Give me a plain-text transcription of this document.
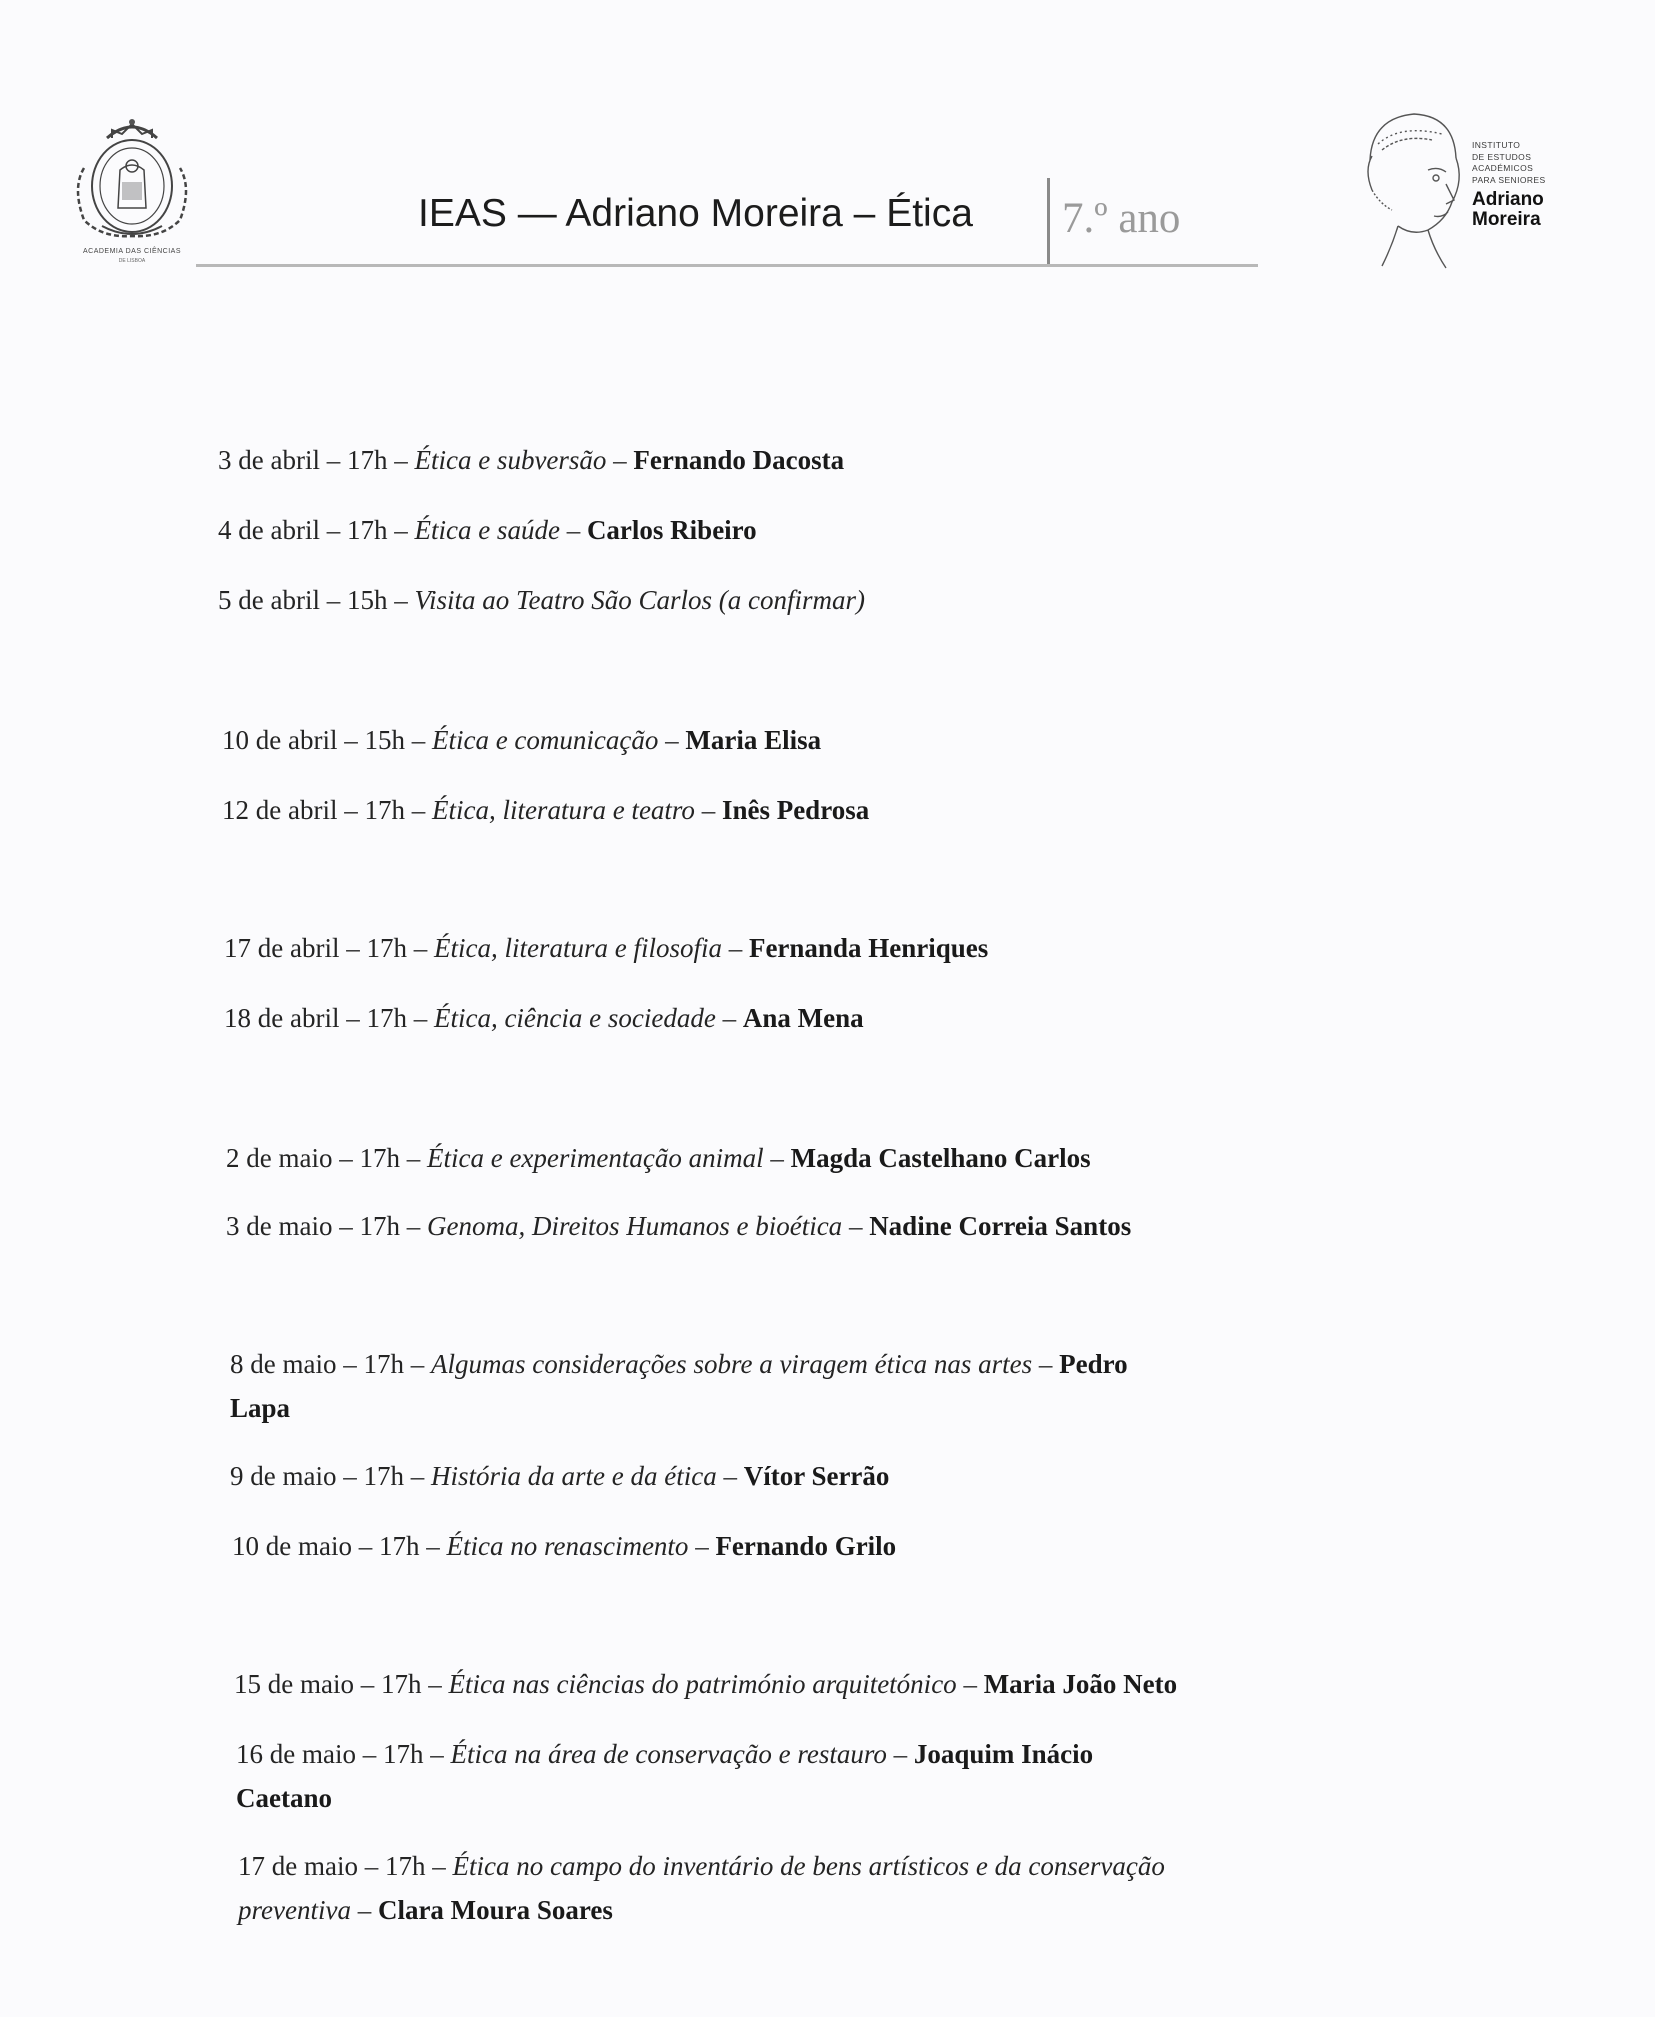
ACADEMIA DAS CIÊNCIAS
DE LISBOA
IEAS — Adriano Moreira – Ética 7.º ano
INSTITUTO
DE ESTUDOS
ACADÉMICOS
PARA SENIORES
Adriano
Moreira
3 de abril – 17h – Ética e subversão – Fernando Dacosta
4 de abril – 17h – Ética e saúde – Carlos Ribeiro
5 de abril – 15h – Visita ao Teatro São Carlos (a confirmar)
10 de abril – 15h – Ética e comunicação – Maria Elisa
12 de abril – 17h – Ética, literatura e teatro – Inês Pedrosa
17 de abril – 17h – Ética, literatura e filosofia – Fernanda Henriques
18 de abril – 17h – Ética, ciência e sociedade – Ana Mena
2 de maio – 17h – Ética e experimentação animal – Magda Castelhano Carlos
3 de maio – 17h – Genoma, Direitos Humanos e bioética – Nadine Correia Santos
8 de maio – 17h – Algumas considerações sobre a viragem ética nas artes – Pedro
Lapa
9 de maio – 17h – História da arte e da ética – Vítor Serrão
10 de maio – 17h – Ética no renascimento – Fernando Grilo
15 de maio – 17h – Ética nas ciências do património arquitetónico – Maria João Neto
16 de maio – 17h – Ética na área de conservação e restauro – Joaquim Inácio
Caetano
17 de maio – 17h – Ética no campo do inventário de bens artísticos e da conservação
preventiva – Clara Moura Soares
